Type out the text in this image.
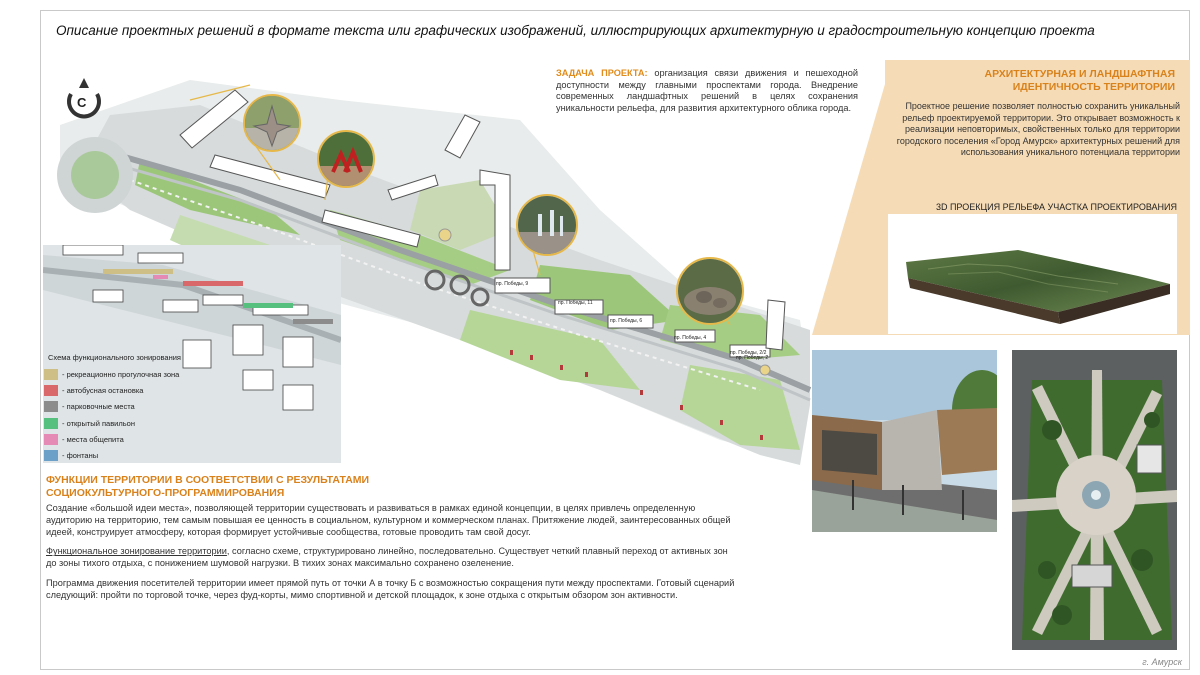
Описание проектных решений в формате текста или графических изображений, иллюстрирующих архитектурную и градостроительную концепцию проекта
АРХИТЕКТУРНАЯ И ЛАНДШАФТНАЯ
ИДЕНТИЧНОСТЬ ТЕРРИТОРИИ
Проектное решение позволяет полностью сохранить уникальный рельеф проектируемой территории. Это открывает возможность к реализации неповторимых, свойственных только для территории городского поселения «Город Амурск» архитектурных решений для использования уникального потенциала территории
3D ПРОЕКЦИЯ РЕЛЬЕФА УЧАСТКА ПРОЕКТИРОВАНИЯ
ЗАДАЧА ПРОЕКТА: организация связи движения и пешеходной доступности между главными проспектами города. Внедрение современных ландшафтных решений в целях сохранения уникальности рельефа, для развития архитектурного облика города.
пр. Победы, 9
пр. Победы, 11
пр. Победы, 6
пр. Победы, 4
пр. Победы, 2/2
пр. Победы, 2
С
Схема функционального зонирования
- рекреационно прогулочная зона
- автобусная остановка
- парковочные места
- открытый павильон
- места общепита
- фонтаны
ФУНКЦИИ ТЕРРИТОРИИ В СООТВЕТСТВИИ С РЕЗУЛЬТАТАМИ
СОЦИОКУЛЬТУРНОГО-ПРОГРАММИРОВАНИЯ

Создание «большой идеи места», позволяющей территории существовать и развиваться в рамках единой концепции, в целях привлечь определенную аудиторию на территорию, тем самым повышая ее ценность в социальном, культурном и коммерческом планах. Притяжение людей, заинтересованных общей идеей, конструирует атмосферу, которая формирует устойчивые сообщества, готовые проводить там свой досуг.

Функциональное зонирование территории, согласно схеме, структурировано линейно, последовательно. Существует четкий плавный переход от активных зон до зоны тихого отдыха, с понижением шумовой нагрузки. В тихих зонах максимально сохранено озеленение.

Программа движения посетителей территории имеет прямой путь от точки А в точку Б с возможностью сокращения пути между проспектами. Готовый сценарий следующий: пройти по торговой точке, через фуд-корты, мимо спортивной и детской площадок, к зоне отдыха с открытым обзором зон активности.

г. Амурск
